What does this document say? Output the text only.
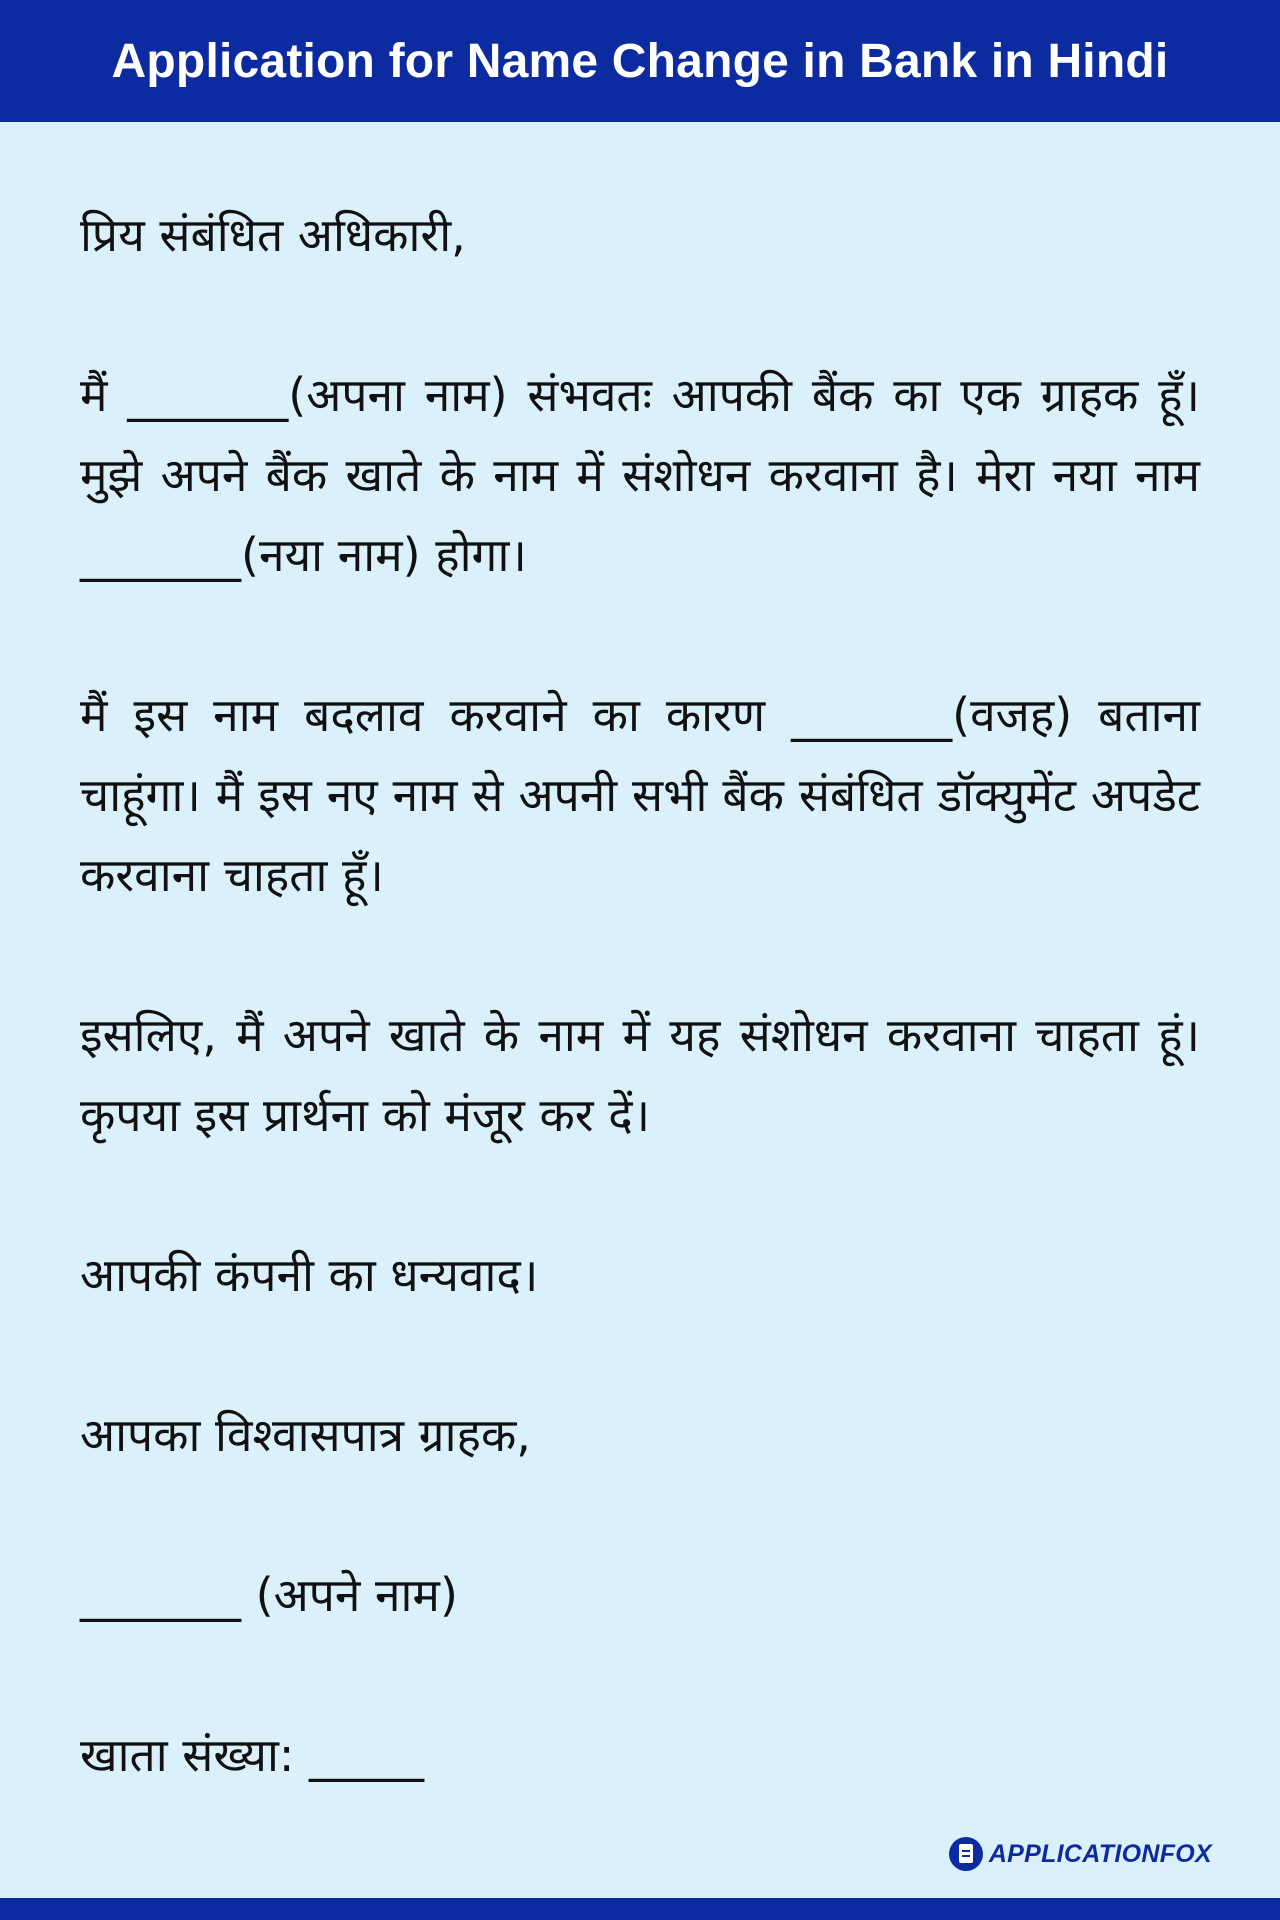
Application for Name Change in Bank in Hindi

प्रिय संबंधित अधिकारी,

मैं _______(अपना नाम) संभवतः आपकी बैंक का एक ग्राहक हूँ। मुझे अपने बैंक खाते के नाम में संशोधन करवाना है। मेरा नया नाम _______(नया नाम) होगा।

मैं इस नाम बदलाव करवाने का कारण _______(वजह) बताना चाहूंगा। मैं इस नए नाम से अपनी सभी बैंक संबंधित डॉक्युमेंट अपडेट करवाना चाहता हूँ।

इसलिए, मैं अपने खाते के नाम में यह संशोधन करवाना चाहता हूं। कृपया इस प्रार्थना को मंजूर कर दें।

आपकी कंपनी का धन्यवाद।

आपका विश्वासपात्र ग्राहक,

_______ (अपने नाम)

खाता संख्या: _____

APPLICATIONFOX
